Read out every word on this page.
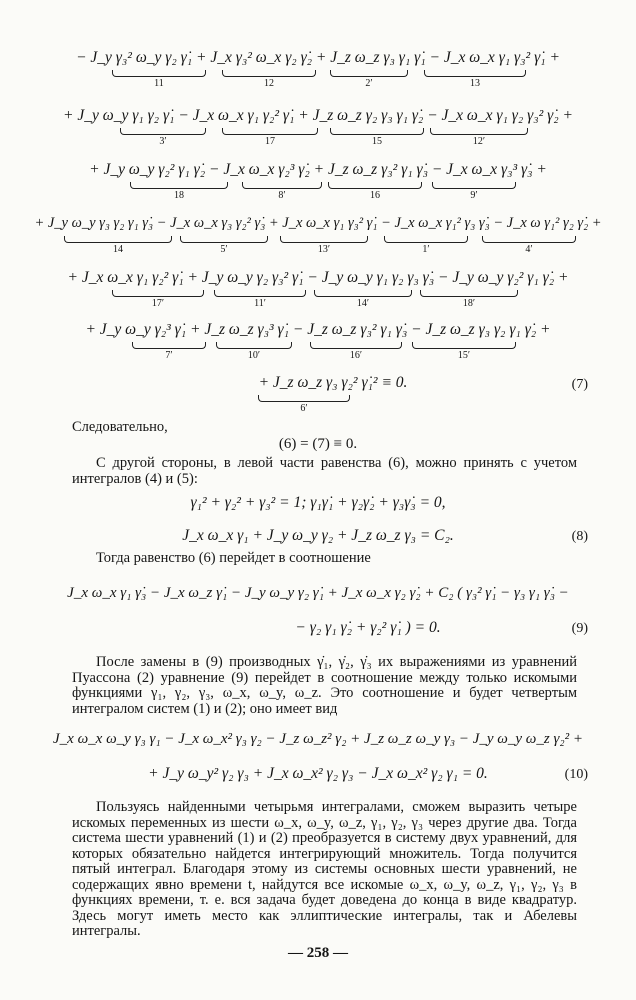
− J_y γ₃² ω_y γ₂ γ̇₁ + J_x γ₃² ω_x γ₂ γ̇₂ + J_z ω_z γ₃ γ₁ γ̇₁ − J_x ω_x γ₁ γ₃² γ̇₁ +
11	12	2′	13
+ J_y ω_y γ₁ γ₂ γ̇₁ − J_x ω_x γ₁ γ₂² γ̇₁ + J_z ω_z γ₂ γ₃ γ₁ γ̇₂ − J_x ω_x γ₁ γ₂ γ₃² γ̇₂ +
3′	17	15	12′
+ J_y ω_y γ₂² γ₁ γ̇₂ − J_x ω_x γ₂³ γ̇₂ + J_z ω_z γ₃² γ₁ γ̇₃ − J_x ω_x γ₃³ γ̇₃ +
18	8′	16	9′
+ J_y ω_y γ₃ γ₂ γ₁ γ̇₃ − J_x ω_x γ₃ γ₂² γ̇₃ + J_x ω_x γ₁ γ₃² γ̇₁ − J_x ω_x γ₁² γ₃ γ̇₃ − J_x ω γ₁² γ₂ γ̇₂ +
14	5′	13′	1′	4′
+ J_x ω_x γ₁ γ₂² γ̇₁ + J_y ω_y γ₂ γ₃² γ̇₁ − J_y ω_y γ₁ γ₂ γ₃ γ̇₃ − J_y ω_y γ₂² γ₁ γ̇₂ +
17′	11′	14′	18′
+ J_y ω_y γ₂³ γ̇₁ + J_z ω_z γ₃³ γ̇₁ − J_z ω_z γ₃² γ₁ γ̇₃ − J_z ω_z γ₃ γ₂ γ₁ γ̇₂ +
7′	10′	16′	15′
+ J_z ω_z γ₃ γ₂² γ̇₁² ≡ 0.	(7)
6′
Следовательно,
(6) = (7) ≡ 0.
С другой стороны, в левой части равенства (6), можно принять с учетом интегралов (4) и (5):
γ₁² + γ₂² + γ₃² = 1; γ₁γ̇₁ + γ₂γ̇₂ + γ₃γ̇₃ = 0,
J_x ω_x γ₁ + J_y ω_y γ₂ + J_z ω_z γ₃ = C₂.	(8)
Тогда равенство (6) перейдет в соотношение
J_x ω_x γ₁ γ̇₃ − J_x ω_z γ̇₁ − J_y ω_y γ₂ γ̇₁ + J_x ω_x γ₂ γ̇₂ + C₂ ( γ₃² γ̇₁ − γ₃ γ₁ γ̇₃ −
− γ₂ γ₁ γ̇₂ + γ₂² γ̇₁ ) = 0.	(9)
После замены в (9) производных γ̇₁, γ̇₂, γ̇₃ их выражениями из уравнений Пуассона (2) уравнение (9) перейдет в соотношение между только искомыми функциями γ₁, γ₂, γ₃, ω_x, ω_y, ω_z. Это соотношение и будет четвертым интегралом систем (1) и (2); оно имеет вид
J_x ω_x ω_y γ₃ γ₁ − J_x ω_x² γ₃ γ₂ − J_z ω_z² γ₂ + J_z ω_z ω_y γ₃ − J_y ω_y ω_z γ₂² +
+ J_y ω_y² γ₂ γ₃ + J_x ω_x² γ₂ γ₃ − J_x ω_x² γ₂ γ₁ = 0.	(10)
Пользуясь найденными четырьмя интегралами, сможем выразить четыре искомых переменных из шести ω_x, ω_y, ω_z, γ₁, γ₂, γ₃ через другие два. Тогда система шести уравнений (1) и (2) преобразуется в систему двух уравнений, для которых обязательно найдется интегрирующий множитель. Тогда получится пятый интеграл. Благодаря этому из системы основных шести уравнений, не содержащих явно времени t, найдутся все искомые ω_x, ω_y, ω_z, γ₁, γ₂, γ₃ в функциях времени, т. е. вся задача будет доведена до конца в виде квадратур. Здесь могут иметь место как эллиптические интегралы, так и Абелевы интегралы.
— 258 —
